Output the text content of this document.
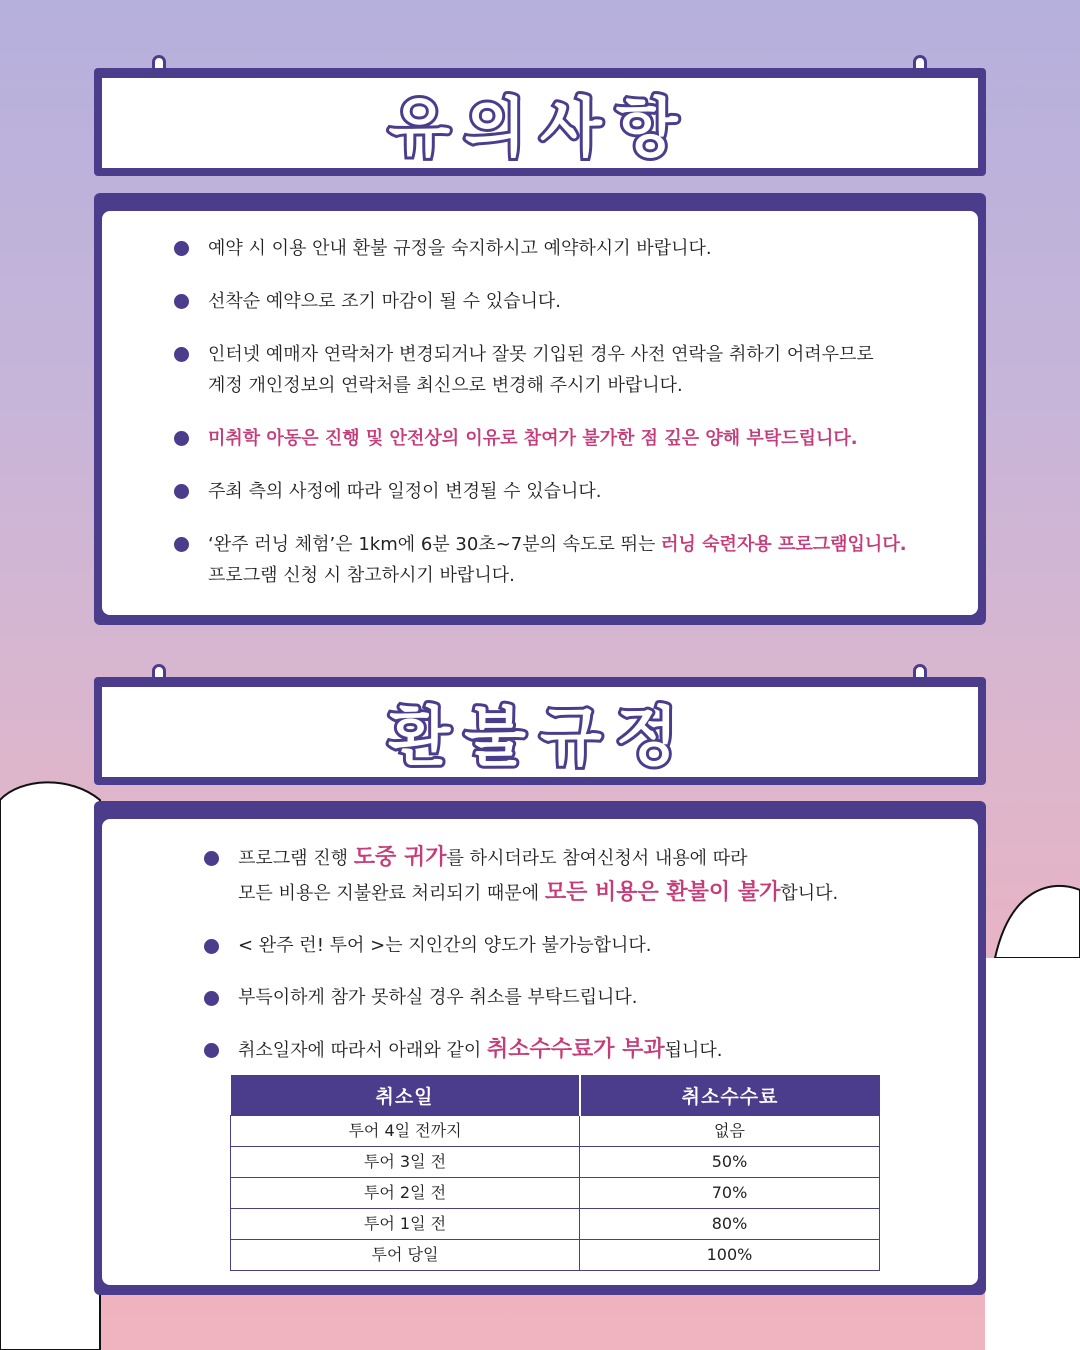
유의사항
예약 시 이용 안내 환불 규정을 숙지하시고 예약하시기 바랍니다.
선착순 예약으로 조기 마감이 될 수 있습니다.
인터넷 예매자 연락처가 변경되거나 잘못 기입된 경우 사전 연락을 취하기 어려우므로
계정 개인정보의 연락처를 최신으로 변경해 주시기 바랍니다.
미취학 아동은 진행 및 안전상의 이유로 참여가 불가한 점 깊은 양해 부탁드립니다.
주최 측의 사정에 따라 일정이 변경될 수 있습니다.
‘완주 러닝 체험’은 1km에 6분 30초~7분의 속도로 뛰는 러닝 숙련자용 프로그램입니다.
프로그램 신청 시 참고하시기 바랍니다.
환불규정
프로그램 진행 도중 귀가를 하시더라도 참여신청서 내용에 따라
모든 비용은 지불완료 처리되기 때문에 모든 비용은 환불이 불가합니다.
< 완주 런! 투어 >는 지인간의 양도가 불가능합니다.
부득이하게 참가 못하실 경우 취소를 부탁드립니다.
취소일자에 따라서 아래와 같이 취소수수료가 부과됩니다.
취소일	취소수수료
투어 4일 전까지	없음
투어 3일 전	50%
투어 2일 전	70%
투어 1일 전	80%
투어 당일	100%
